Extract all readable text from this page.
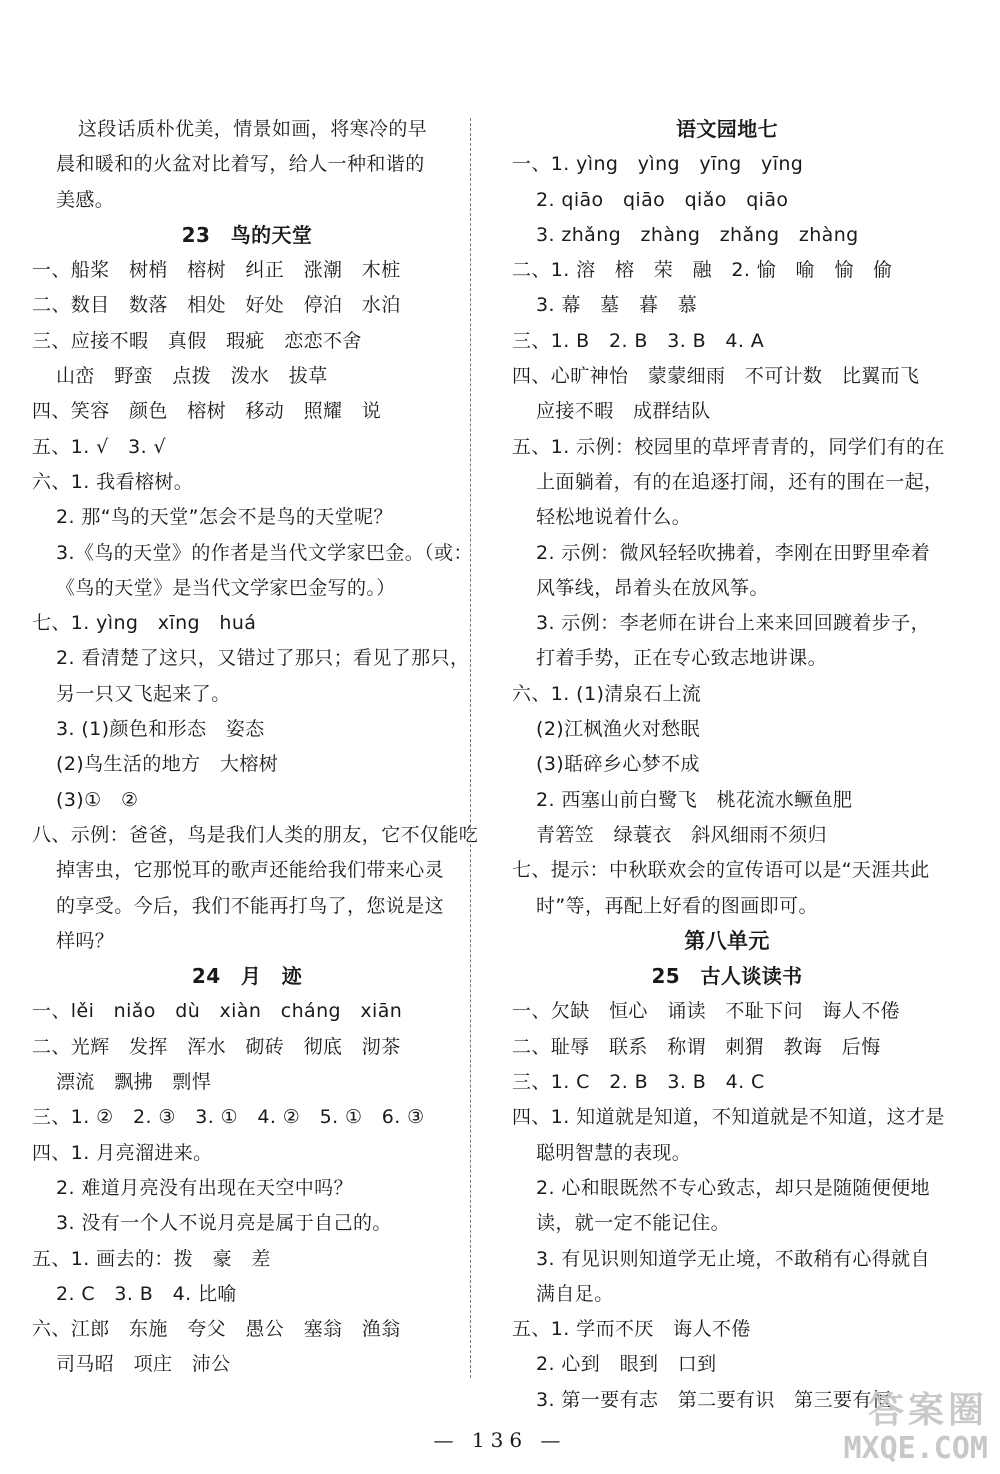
这段话质朴优美，情景如画，将寒冷的早
晨和暖和的火盆对比着写，给人一种和谐的
美感。
23　鸟的天堂
一、船桨　树梢　榕树　纠正　涨潮　木桩
二、数目　数落　相处　好处　停泊　水泊
三、应接不暇　真假　瑕疵　恋恋不舍
山峦　野蛮　点拨　泼水　拔草
四、笑容　颜色　榕树　移动　照耀　说
五、1. √　3. √
六、1. 我看榕树。
2. 那“鸟的天堂”怎会不是鸟的天堂呢？
3.《鸟的天堂》的作者是当代文学家巴金。（或：
《鸟的天堂》是当代文学家巴金写的。）
七、1. yìng　xīng　huá
2. 看清楚了这只，又错过了那只；看见了那只，
另一只又飞起来了。
3. (1)颜色和形态　姿态
(2)鸟生活的地方　大榕树
(3)①　②
八、示例：爸爸，鸟是我们人类的朋友，它不仅能吃
掉害虫，它那悦耳的歌声还能给我们带来心灵
的享受。今后，我们不能再打鸟了，您说是这
样吗？
24　月　迹
一、lěi　niǎo　dù　xiàn　cháng　xiān
二、光辉　发挥　浑水　砌砖　彻底　沏茶
漂流　飘拂　剽悍
三、1. ②　2. ③　3. ①　4. ②　5. ①　6. ③
四、1. 月亮溜进来。
2. 难道月亮没有出现在天空中吗？
3. 没有一个人不说月亮是属于自己的。
五、1. 画去的：拨　豪　差
2. C　3. B　4. 比喻
六、江郎　东施　夸父　愚公　塞翁　渔翁
司马昭　项庄　沛公
语文园地七
一、1. yìng　yìng　yīng　yīng
2. qiāo　qiāo　qiǎo　qiāo
3. zhǎng　zhàng　zhǎng　zhàng
二、1. 溶　榕　荣　融　2. 愉　喻　愉　偷
3. 幕　墓　暮　慕
三、1. B　2. B　3. B　4. A
四、心旷神怡　蒙蒙细雨　不可计数　比翼而飞
应接不暇　成群结队
五、1. 示例：校园里的草坪青青的，同学们有的在
上面躺着，有的在追逐打闹，还有的围在一起，
轻松地说着什么。
2. 示例：微风轻轻吹拂着，李刚在田野里牵着
风筝线，昂着头在放风筝。
3. 示例：李老师在讲台上来来回回踱着步子，
打着手势，正在专心致志地讲课。
六、1. (1)清泉石上流
(2)江枫渔火对愁眠
(3)聒碎乡心梦不成
2. 西塞山前白鹭飞　桃花流水鳜鱼肥
青箬笠　绿蓑衣　斜风细雨不须归
七、提示：中秋联欢会的宣传语可以是“天涯共此
时”等，再配上好看的图画即可。
第八单元
25　古人谈读书
一、欠缺　恒心　诵读　不耻下问　诲人不倦
二、耻辱　联系　称谓　刺猬　教诲　后悔
三、1. C　2. B　3. B　4. C
四、1. 知道就是知道，不知道就是不知道，这才是
聪明智慧的表现。
2. 心和眼既然不专心致志，却只是随随便便地
读，就一定不能记住。
3. 有见识则知道学无止境，不敢稍有心得就自
满自足。
五、1. 学而不厌　诲人不倦
2. 心到　眼到　口到
3. 第一要有志　第二要有识　第三要有恒
— 136 —
答案圈
MXQE.COM
